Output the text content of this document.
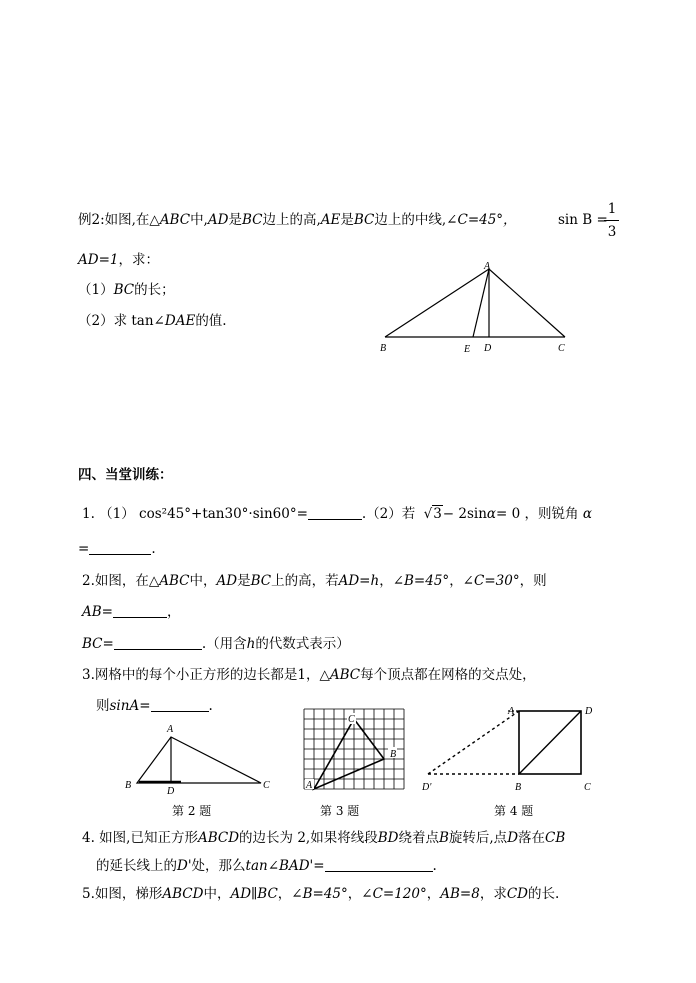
例2:如图,在△ABC中,AD是BC边上的高,AE是BC边上的中线,∠C=45°，	sin B =
1
3
AD=1，求：
（1）BC的长；
（2）求 tan∠DAE的值.
A
B	E D	C
四、当堂训练：
1. （1） cos²45°+tan30°·sin60°=	.（2）若 √3− 2sinα= 0 ，则锐角 α
=	.
2.如图，在△ABC中，AD是BC上的高，若AD=h，∠B=45°，∠C=30°，则
AB=	，
BC=	.（用含h的代数式表示）
3.网格中的每个小正方形的边长都是1，△ABC每个顶点都在网格的交点处，
则sinA=	.
A
B
D
C
第 2 题
C
B
A
第 3 题
A	D
D'	B	C
第 4 题
4. 如图,已知正方形ABCD的边长为 2,如果将线段BD绕着点B旋转后,点D落在CB
的延长线上的D'处，那么tan∠BAD'=	.
5.如图，梯形ABCD中，AD∥BC，∠B=45°，∠C=120°，AB=8，求CD的长.
